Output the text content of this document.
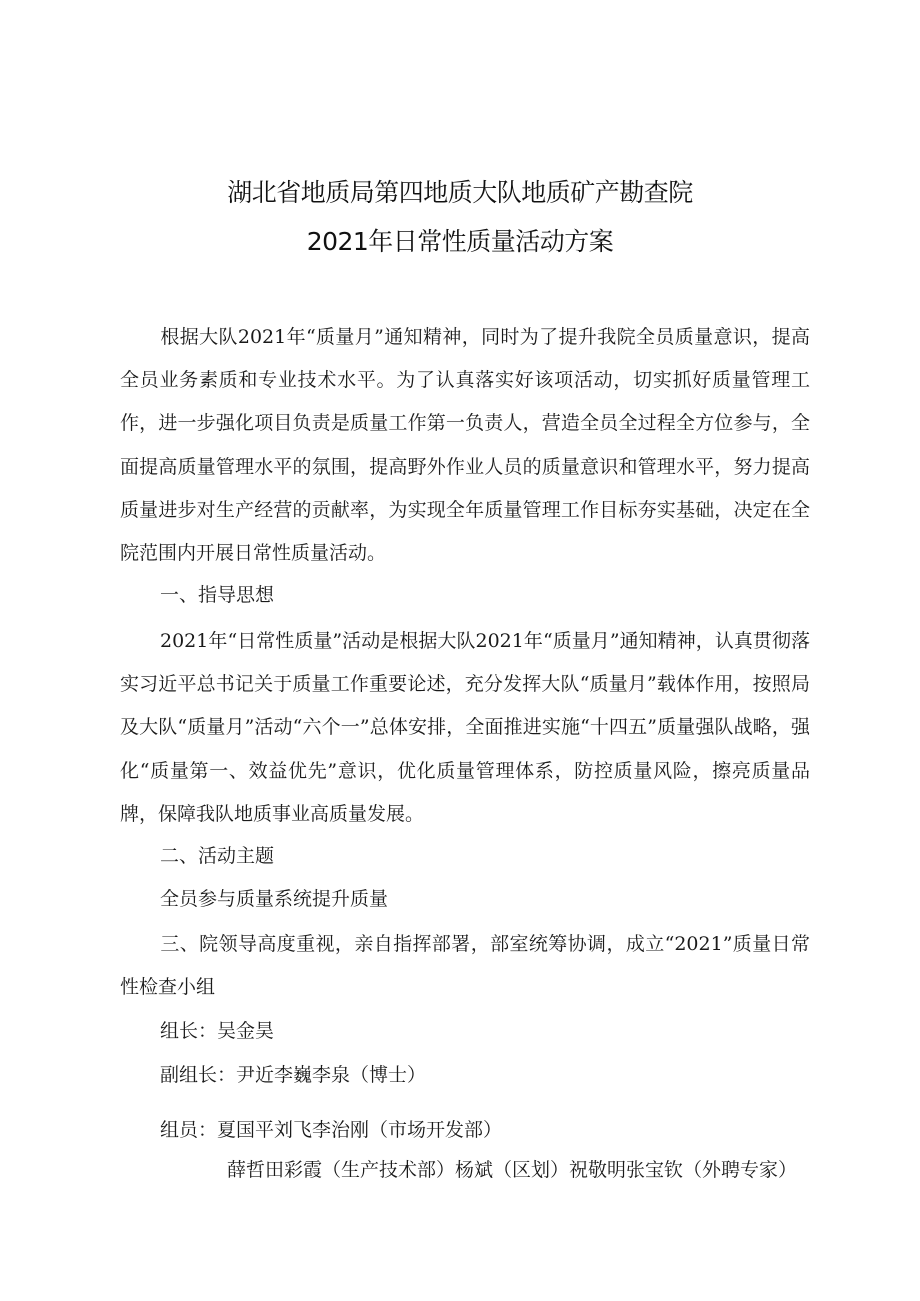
湖北省地质局第四地质大队地质矿产勘查院
2021年日常性质量活动方案

根据大队2021年“质量月”通知精神，同时为了提升我院全员质量意识，提高全员业务素质和专业技术水平。为了认真落实好该项活动，切实抓好质量管理工作，进一步强化项目负责是质量工作第一负责人，营造全员全过程全方位参与，全面提高质量管理水平的氛围，提高野外作业人员的质量意识和管理水平，努力提高质量进步对生产经营的贡献率，为实现全年质量管理工作目标夯实基础，决定在全院范围内开展日常性质量活动。

一、指导思想

2021年“日常性质量”活动是根据大队2021年“质量月”通知精神，认真贯彻落实习近平总书记关于质量工作重要论述，充分发挥大队“质量月”载体作用，按照局及大队“质量月”活动“六个一”总体安排，全面推进实施“十四五”质量强队战略，强化“质量第一、效益优先”意识，优化质量管理体系，防控质量风险，擦亮质量品牌，保障我队地质事业高质量发展。

二、活动主题

全员参与质量系统提升质量

三、院领导高度重视，亲自指挥部署，部室统筹协调，成立“2021”质量日常性检查小组

组长：吴金昊

副组长：尹近李巍李泉（博士）

组员：夏国平刘飞李治刚（市场开发部）

薛哲田彩霞（生产技术部）杨斌（区划）祝敬明张宝钦（外聘专家）
